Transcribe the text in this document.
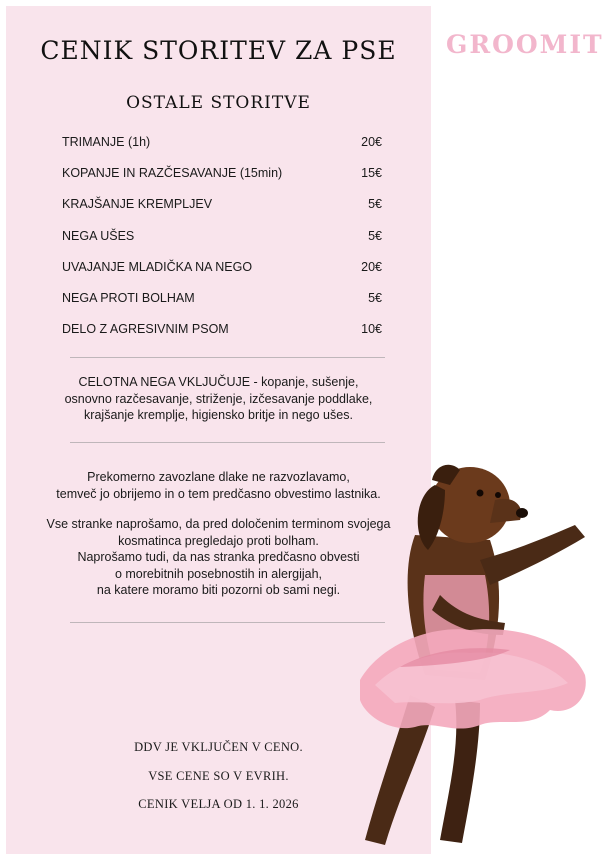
CENIK STORITEV ZA PSE	GROOMIT
OSTALE STORITVE
TRIMANJE (1h)	20€
KOPANJE IN RAZČESAVANJE (15min)	15€
KRAJŠANJE KREMPLJEV	5€
NEGA UŠES	5€
UVAJANJE MLADIČKA NA NEGO	20€
NEGA PROTI BOLHAM	5€
DELO Z AGRESIVNIM PSOM	10€

CELOTNA NEGA VKLJUČUJE - kopanje, sušenje,

osnovno razčesavanje, striženje, izčesavanje poddlake,

krajšanje kremplje, higiensko britje in nego ušes.

Prekomerno zavozlane dlake ne razvozlavamo,

temveč jo obrijemo in o tem predčasno obvestimo lastnika.

Vse stranke naprošamo, da pred določenim terminom svojega

kosmatinca pregledajo proti bolham.

Naprošamo tudi, da nas stranka predčasno obvesti

o morebitnih posebnostih in alergijah,

na katere moramo biti pozorni ob sami negi.

DDV JE VKLJUČEN V CENO.
VSE CENE SO V EVRIH.
CENIK VELJA OD 1. 1. 2026
